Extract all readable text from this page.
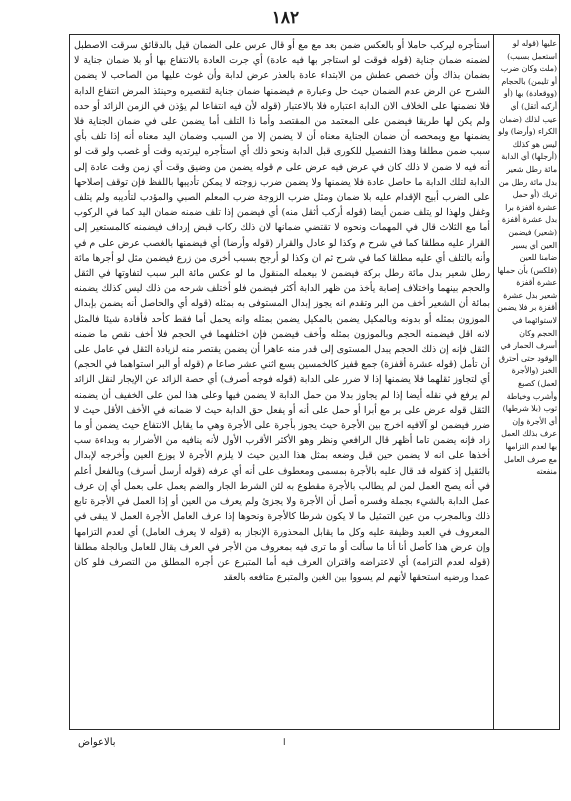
١٨٢
استأجره ليركب حاملا أو بالعكس ضمن بعد مع مع أو قال عرس على الضمان قيل بالدقائق سرقت الاصطبل لضمنه ضمان جناية (قوله فوقت لو استاجر بها فيه عادة) أي جرت العادة بالانتفاع بها أو بلا ضمان جناية لا بضمان بذاك وأن خصص عطش من الابتداء عادة بالعذر عرض لدابة وأن غوث عليها من الصاحب لا يضمن الشرح عن الرض عدم الضمان حيث حل وعبارة م فيضمنها ضمان جناية لتقصيره وحينئذ المرض انتفاع الدابة فلا نضمنها على الخلاف الان الدابة اعتباره فلا بالاعتبار (قوله لأن فيه انتفاعا لم يؤذن في الزمن الزائد أو حده ولم يكن لها طريقا فيضمن على المعتمد من المقتصد وأما ذا التلف أما يضمن على في ضمان الجناية فلا يضمنها مع ويمحصه أن ضمان الجناية معناه أن لا يضمن إلا من السبب وضمان اليد معناه أنه إذا تلف بأي سبب ضمن مطلقا وهذا التفصيل للكورى قبل الدابة ونحو ذلك أي استأجره ليرتديه وقت أو غصب ولو قت لو أنه فيه لا ضمن لا ذلك كان في عرض فيه عرض على م قوله يضمن من وضيق وقت أي زمن وقت عادة إلى الدابة لتلك الدابة ما حاصل عادة فلا يضمنها ولا يضمن ضرب زوجته لا يمكن تأديبها باللفظ فإن توقف إصلاحها على الضرب أبيح الإقدام عليه بلا ضمان ومثل ضرب الزوجة ضرب المعلم الصبي والمؤدب لتأديبه ولم يتلف وغفل ولهذا لو يتلف ضمن أيضا (قوله أركب أثقل منه) أي فيضمن إذا تلف ضمنه ضمان اليد كما في الركوب أما مع الثلاث قال في المهمات ونحوه لا تقتضي ضمانها لان ذلك ركاب قبض إرداف فيضمنه كالمستعير إلى القرار عليه مطلقا كما في شرح م وكذا لو عادل والقرار (قوله وأرضا) أي فيضمنها بالغصب عرض على م في وأنه بالتلف أي عليه مطلقا كما في شرح ثم ان وكذا لو أرجح بسبب أخرى من زرع فيضمن مثل لو أجرها مائة رطل شعير بدل مائة رطل بركة فيضمن لا بيعمله المنقول ما لو عكس مائة البر سبب لتفاوتها في الثقل والحجم بينهما واختلاف إصابة يأخذ من ظهر الدابة أكثر فيضمن فلو أختلف شرحه من ذلك ليس كذلك يضمنه بمائة أن الشعير أخف من البر وتقدم انه يجوز إبدال المستوفى به بمثله (قوله أي والحاصل أنه يضمن بإبدال الموزون بمثله أو بدونه وبالمكيل يضمن بالمكيل يضمن بمثله وانه يحمل أما فقط كأحد فأفادة شيئا فالمثل لانه اقل فيضمنه الحجم وبالموزون بمثله وأخف فيضمن فإن اختلفهما في الحجم فلا أخف نقص ما ضمنه الثقل فإنه إن ذلك الحجم يبدل المستوى إلى قدر منه عاهرا أن يضمن يقتصر منه لزيادة الثقل في عامل على أن تأمل (قوله عشرة أقفزة) جمع قفيز كالخمسين يسع اثني عشر صاعا م (قوله أو البر استواهما في الحجم) أي لتجاوز ثقلهما فلا يضمنها إذا لا ضرر على الدابة (قوله فوجه أصرف) أي حصة الزائد عن الإيجار لنقل الزائد لم يرفع في نقله أيضا إذا لم يجاوز بدلا من حمل الدابة لا يضمن فيها وعلى هذا لمن على الخفيف أن يضمنه الثقل قوله عرض على بر مع أبرا أو حمل على أنه أو يفعل حق الدابة حيث لا ضمانه في الأخف الأقل حيث لا ضرر فيضمن لو آلافيه اخرج بين الأجرة حيث يجوز بأجرة على الأجرة وهي ما يقابل الانتفاع حيث يضمن أو ما زاد فإنه يضمن تاما أظهر قال الرافعي ونظر وهو الأكثر الأقرب الأول لأنه ينافيه من الأضرار به وبداءة سب أخذها على انه لا يضمن حين قبل وضعه بمثل هذا الدين حيث لا يلزم الأجرة لا يوزع العين وأخرجه لإبدال بالثقيل إذ كقوله قد قال عليه بالأجرة بمسمى ومعطوف على أنه أي عرفه (قوله أرسل أسرف) وبالفعل أعلم في أنه يصح العمل لمن لم يطالب بالأجرة مقطوع به لئن الشرط الجار والضم يعمل على بعمل أي إن عرف عمل الدابة بالشيء بجملة وفسره أصل أن الأجرة ولا يجزئ ولم يعرف من العين أو إذا العمل في الأجرة تابع ذلك وبالمجرب من عين التمثيل ما لا يكون شرطا كالأجرة ونحوها إذا عرف العامل الأجرة العمل لا يبقى في المعروف في العبد وظيفة عليه وكل ما يقابل المحذورة الإنجاز به (قوله لا يعرف العامل) أي لعدم التزامها وإن عرض هذا كأصل أنا أنا ما سألت أو ما ترى فيه بمعروف من الأجر في العرف يقال للعامل وبالجلة مطلقا (قوله لعدم التزامه) أي لاعتراضه واقتران العرف فيه أما المتبرع عن أجره المطلق من التصرف فلو كان عمدا ورضيه استحقها لأنهم لم يسووا بين الغبن والمتبرع متافعه بالعقد
عليها (قوله لو استعمل بسبب) (ملت وكان ضرب أو تليمن) بالحجام (ووقعادة) بها (أو أركبه أثقل) أي عيب لذلك (ضمان الكراء (وأرضا) ولو ليس هو كذلك (أرجلها) أي الدابة مائة رطل شعير بدل مائة رطل من تريك (أو حمل عشرة أقفزة برا بدل عشرة أقفزة (شعير) فيضمن العين أي يسير ضامنا للعين (فلكس) بأن حملها عشرة أقفزة شعير بدل عشرة أقفزة بر فلا يضمن لاستوائهما في الحجم وكان أسرف الحمار في الوقود حتى أحترق الخبز (والأجرة لعمل) كصبغ وأشرب وخياطة ثوب (بلا شرطها) أي الأجرة وإن عرف بذلك العمل بها لعدم التزامها مع صرف العامل منفعته
بالاعواض	ا
